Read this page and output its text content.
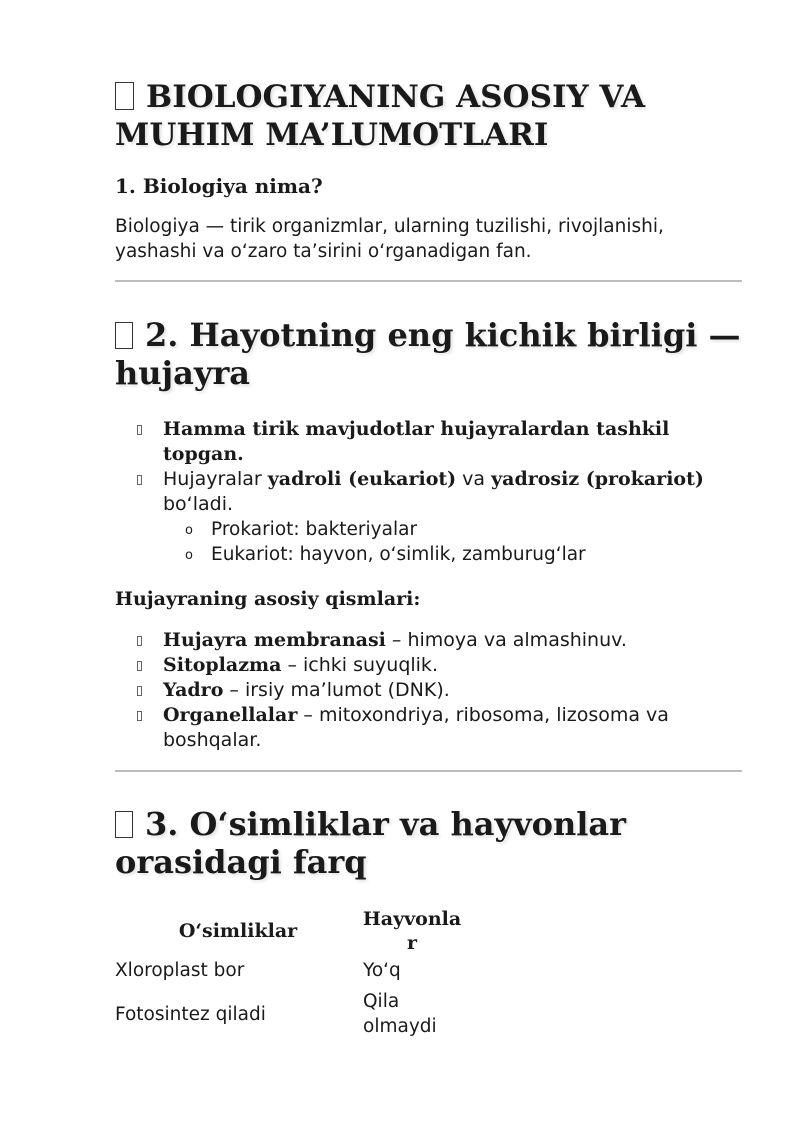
BIOLOGIYANING ASOSIY VA MUHIM MA’LUMOTLARI
1. Biologiya nima?

Biologiya — tirik organizmlar, ularning tuzilishi, rivojlanishi, yashashi va o‘zaro ta’sirini o‘rganadigan fan.

2. Hayotning eng kichik birligi — hujayra
Hamma tirik mavjudotlar hujayralardan tashkil topgan.
Hujayralar yadroli (eukariot) va yadrosiz (prokariot) bo‘ladi.
o Prokariot: bakteriyalar
o Eukariot: hayvon, o‘simlik, zamburug‘lar
Hujayraning asosiy qismlari:
Hujayra membranasi – himoya va almashinuv.
Sitoplazma – ichki suyuqlik.
Yadro – irsiy ma’lumot (DNK).
Organellalar – mitoxondriya, ribosoma, lizosoma va boshqalar.
3. O‘simliklar va hayvonlar orasidagi farq
O‘simliklar	Hayvonlar
Xloroplast bor	Yo‘q
Fotosintez qiladi	Qila olmaydi
